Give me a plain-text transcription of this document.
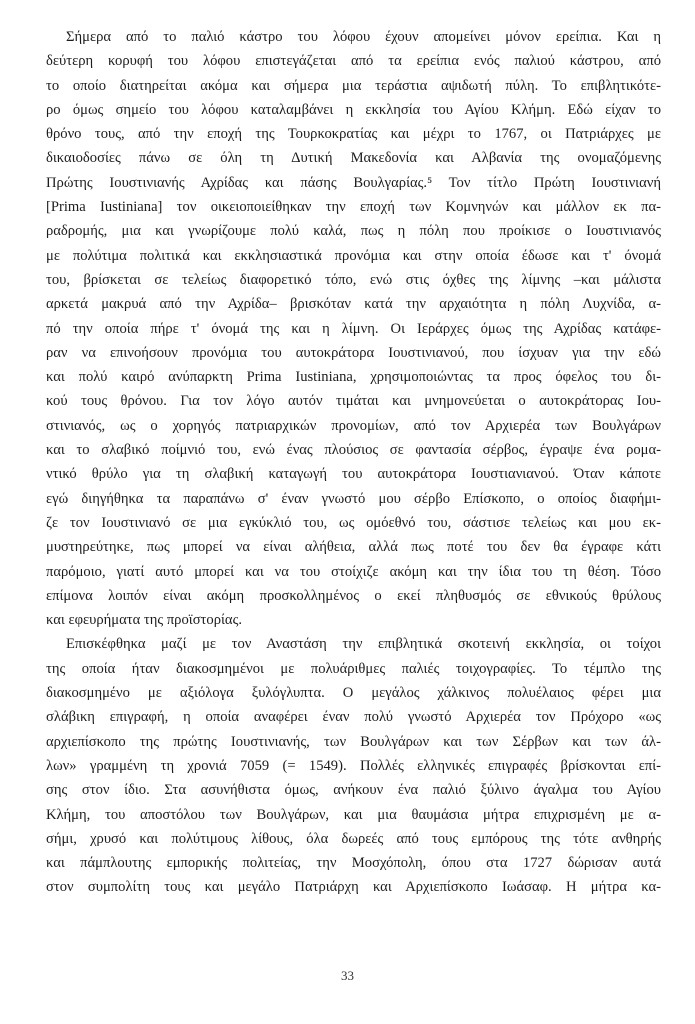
Σήμερα από το παλιό κάστρο του λόφου έχουν απομείνει μόνον ερείπια. Και η
δεύτερη κορυφή του λόφου επιστεγάζεται από τα ερείπια ενός παλιού κάστρου, από
το οποίο διατηρείται ακόμα και σήμερα μια τεράστια αψιδωτή πύλη. Το επιβλητικότε-
ρο όμως σημείο του λόφου καταλαμβάνει η εκκλησία του Αγίου Κλήμη. Εδώ είχαν το
θρόνο τους, από την εποχή της Τουρκοκρατίας και μέχρι το 1767, οι Πατριάρχες με
δικαιοδοσίες πάνω σε όλη τη Δυτική Μακεδονία και Αλβανία της ονομαζόμενης
Πρώτης Ιουστινιανής Αχρίδας και πάσης Βουλγαρίας.⁵ Τον τίτλο Πρώτη Ιουστινιανή
[Prima Iustiniana] τον οικειοποιείθηκαν την εποχή των Κομνηνών και μάλλον εκ πα-
ραδρομής, μια και γνωρίζουμε πολύ καλά, πως η πόλη που προίκισε ο Ιουστινιανός
με πολύτιμα πολιτικά και εκκλησιαστικά προνόμια και στην οποία έδωσε και τ' όνομά
του, βρίσκεται σε τελείως διαφορετικό τόπο, ενώ στις όχθες της λίμνης –και μάλιστα
αρκετά μακρυά από την Αχρίδα– βρισκόταν κατά την αρχαιότητα η πόλη Λυχνίδα, α-
πό την οποία πήρε τ' όνομά της και η λίμνη. Οι Ιεράρχες όμως της Αχρίδας κατάφε-
ραν να επινοήσουν προνόμια του αυτοκράτορα Ιουστινιανού, που ίσχυαν για την εδώ
και πολύ καιρό ανύπαρκτη Prima Iustiniana, χρησιμοποιώντας τα προς όφελος του δι-
κού τους θρόνου. Για τον λόγο αυτόν τιμάται και μνημονεύεται ο αυτοκράτορας Ιου-
στινιανός, ως ο χορηγός πατριαρχικών προνομίων, από τον Αρχιερέα των Βουλγάρων
και το σλαβικό ποίμνιό του, ενώ ένας πλούσιος σε φαντασία σέρβος, έγραψε ένα ρομα-
ντικό θρύλο για τη σλαβική καταγωγή του αυτοκράτορα Ιουστιανιανού. Όταν κάποτε
εγώ διηγήθηκα τα παραπάνω σ' έναν γνωστό μου σέρβο Επίσκοπο, ο οποίος διαφήμι-
ζε τον Ιουστινιανό σε μια εγκύκλιό του, ως ομόεθνό του, σάστισε τελείως και μου εκ-
μυστηρεύτηκε, πως μπορεί να είναι αλήθεια, αλλά πως ποτέ του δεν θα έγραφε κάτι
παρόμοιο, γιατί αυτό μπορεί και να του στοίχιζε ακόμη και την ίδια του τη θέση. Τόσο
επίμονα λοιπόν είναι ακόμη προσκολλημένος ο εκεί πληθυσμός σε εθνικούς θρύλους
και εφευρήματα της προϊστορίας.
Επισκέφθηκα μαζί με τον Αναστάση την επιβλητικά σκοτεινή εκκλησία, οι τοίχοι
της οποία ήταν διακοσμημένοι με πολυάριθμες παλιές τοιχογραφίες. Το τέμπλο της
διακοσμημένο με αξιόλογα ξυλόγλυπτα. Ο μεγάλος χάλκινος πολυέλαιος φέρει μια
σλάβικη επιγραφή, η οποία αναφέρει έναν πολύ γνωστό Αρχιερέα τον Πρόχορο «ως
αρχιεπίσκοπο της πρώτης Ιουστινιανής, των Βουλγάρων και των Σέρβων και των άλ-
λων» γραμμένη τη χρονιά 7059 (= 1549). Πολλές ελληνικές επιγραφές βρίσκονται επί-
σης στον ίδιο. Στα ασυνήθιστα όμως, ανήκουν ένα παλιό ξύλινο άγαλμα του Αγίου
Κλήμη, του αποστόλου των Βουλγάρων, και μια θαυμάσια μήτρα επιχρισμένη με α-
σήμι, χρυσό και πολύτιμους λίθους, όλα δωρεές από τους εμπόρους της τότε ανθηρής
και πάμπλουτης εμπορικής πολιτείας, την Μοσχόπολη, όπου στα 1727 δώρισαν αυτά
στον συμπολίτη τους και μεγάλο Πατριάρχη και Αρχιεπίσκοπο Ιωάσαφ. Η μήτρα κα-
33
